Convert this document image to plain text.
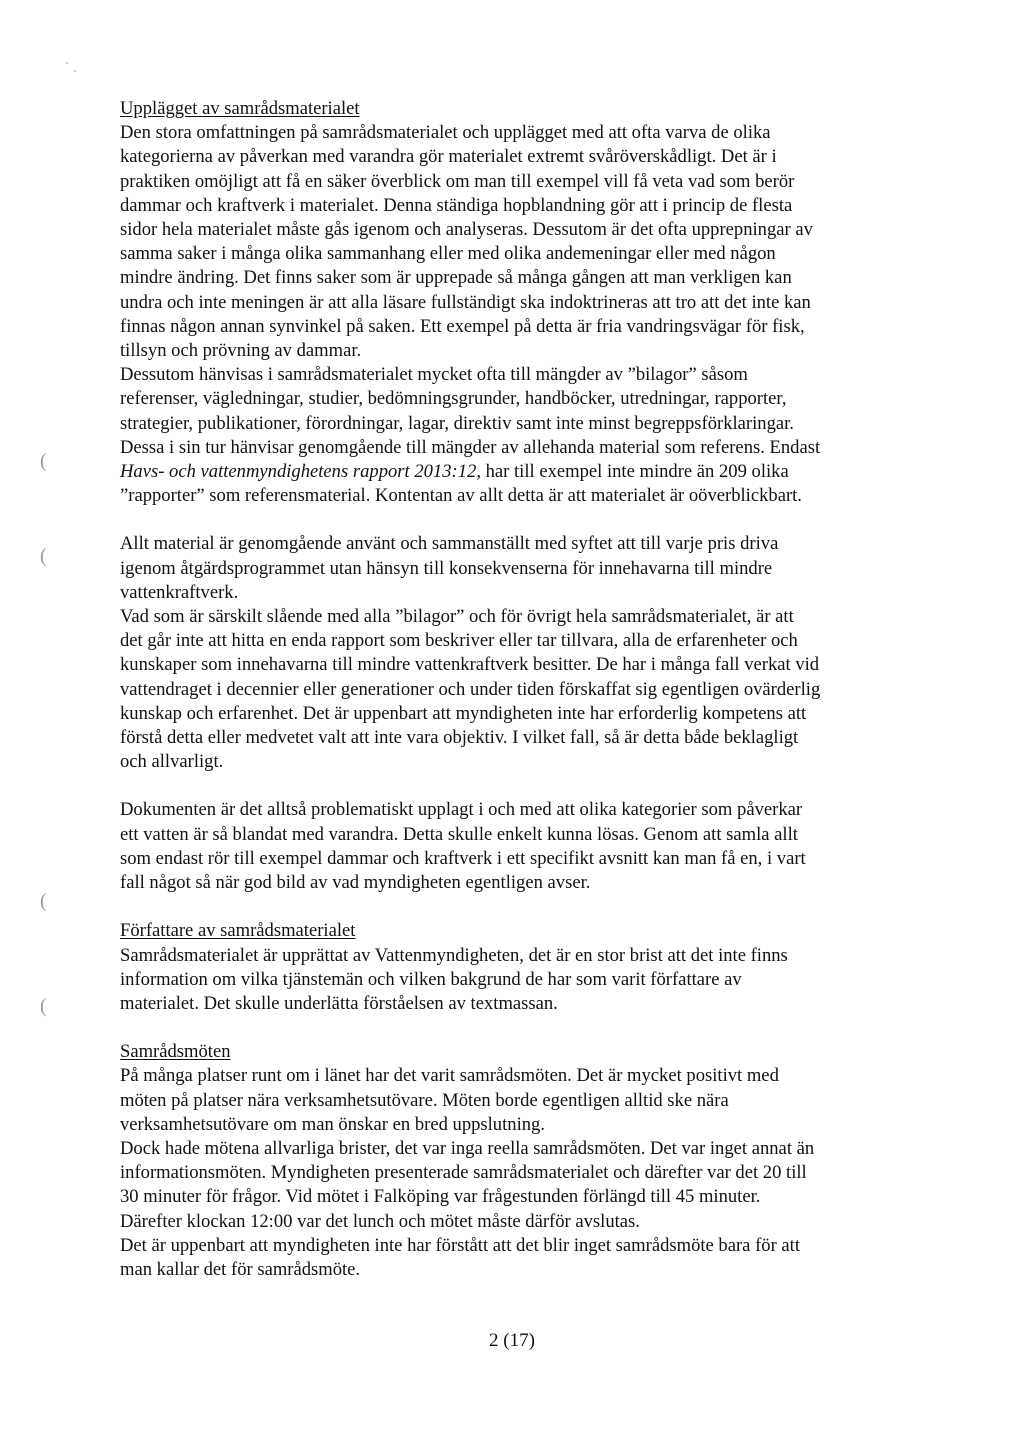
(
(
(
(
Upplägget av samrådsmaterialet
Den stora omfattningen på samrådsmaterialet och upplägget med att ofta varva de olika
kategorierna av påverkan med varandra gör materialet extremt svåröverskådligt. Det är i
praktiken omöjligt att få en säker överblick om man till exempel vill få veta vad som berör
dammar och kraftverk i materialet. Denna ständiga hopblandning gör att i princip de flesta
sidor hela materialet måste gås igenom och analyseras. Dessutom är det ofta upprepningar av
samma saker i många olika sammanhang eller med olika andemeningar eller med någon
mindre ändring. Det finns saker som är upprepade så många gången att man verkligen kan
undra och inte meningen är att alla läsare fullständigt ska indoktrineras att tro att det inte kan
finnas någon annan synvinkel på saken. Ett exempel på detta är fria vandringsvägar för fisk,
tillsyn och prövning av dammar.
Dessutom hänvisas i samrådsmaterialet mycket ofta till mängder av ”bilagor” såsom
referenser, vägledningar, studier, bedömningsgrunder, handböcker, utredningar, rapporter,
strategier, publikationer, förordningar, lagar, direktiv samt inte minst begreppsförklaringar.
Dessa i sin tur hänvisar genomgående till mängder av allehanda material som referens. Endast
Havs- och vattenmyndighetens rapport 2013:12, har till exempel inte mindre än 209 olika
”rapporter” som referensmaterial. Kontentan av allt detta är att materialet är oöverblickbart.
Allt material är genomgående använt och sammanställt med syftet att till varje pris driva
igenom åtgärdsprogrammet utan hänsyn till konsekvenserna för innehavarna till mindre
vattenkraftverk.
Vad som är särskilt slående med alla ”bilagor” och för övrigt hela samrådsmaterialet, är att
det går inte att hitta en enda rapport som beskriver eller tar tillvara, alla de erfarenheter och
kunskaper som innehavarna till mindre vattenkraftverk besitter. De har i många fall verkat vid
vattendraget i decennier eller generationer och under tiden förskaffat sig egentligen ovärderlig
kunskap och erfarenhet. Det är uppenbart att myndigheten inte har erforderlig kompetens att
förstå detta eller medvetet valt att inte vara objektiv. I vilket fall, så är detta både beklagligt
och allvarligt.
Dokumenten är det alltså problematiskt upplagt i och med att olika kategorier som påverkar
ett vatten är så blandat med varandra. Detta skulle enkelt kunna lösas. Genom att samla allt
som endast rör till exempel dammar och kraftverk i ett specifikt avsnitt kan man få en, i vart
fall något så när god bild av vad myndigheten egentligen avser.
Författare av samrådsmaterialet
Samrådsmaterialet är upprättat av Vattenmyndigheten, det är en stor brist att det inte finns
information om vilka tjänstemän och vilken bakgrund de har som varit författare av
materialet. Det skulle underlätta förståelsen av textmassan.
Samrådsmöten
På många platser runt om i länet har det varit samrådsmöten. Det är mycket positivt med
möten på platser nära verksamhetsutövare. Möten borde egentligen alltid ske nära
verksamhetsutövare om man önskar en bred uppslutning.
Dock hade mötena allvarliga brister, det var inga reella samrådsmöten. Det var inget annat än
informationsmöten. Myndigheten presenterade samrådsmaterialet och därefter var det 20 till
30 minuter för frågor. Vid mötet i Falköping var frågestunden förlängd till 45 minuter.
Därefter klockan 12:00 var det lunch och mötet måste därför avslutas.
Det är uppenbart att myndigheten inte har förstått att det blir inget samrådsmöte bara för att
man kallar det för samrådsmöte.
2 (17)
